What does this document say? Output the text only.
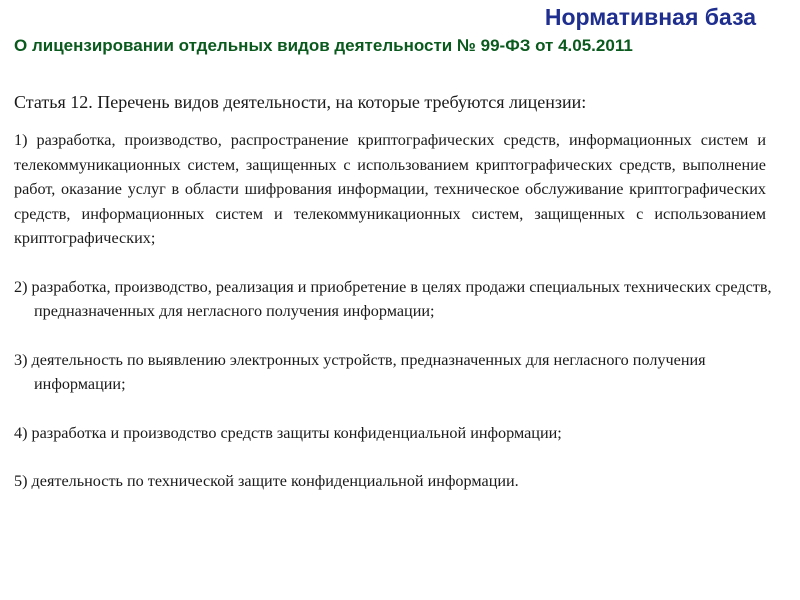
Нормативная база
О лицензировании отдельных видов деятельности № 99-ФЗ от 4.05.2011
Статья 12. Перечень видов деятельности, на которые требуются лицензии:

1) разработка, производство, распространение криптографических средств, информационных систем и телекоммуникационных систем, защищенных с использованием криптографических средств, выполнение работ, оказание услуг в области шифрования информации, техническое обслуживание криптографических средств, информационных систем и телекоммуникационных систем, защищенных с использованием криптографических;

2) разработка, производство, реализация и приобретение в целях продажи специальных технических средств, предназначенных для негласного получения информации;

3) деятельность по выявлению электронных устройств, предназначенных для негласного получения информации;

4) разработка и производство средств защиты конфиденциальной информации;

5) деятельность по технической защите конфиденциальной информации.
